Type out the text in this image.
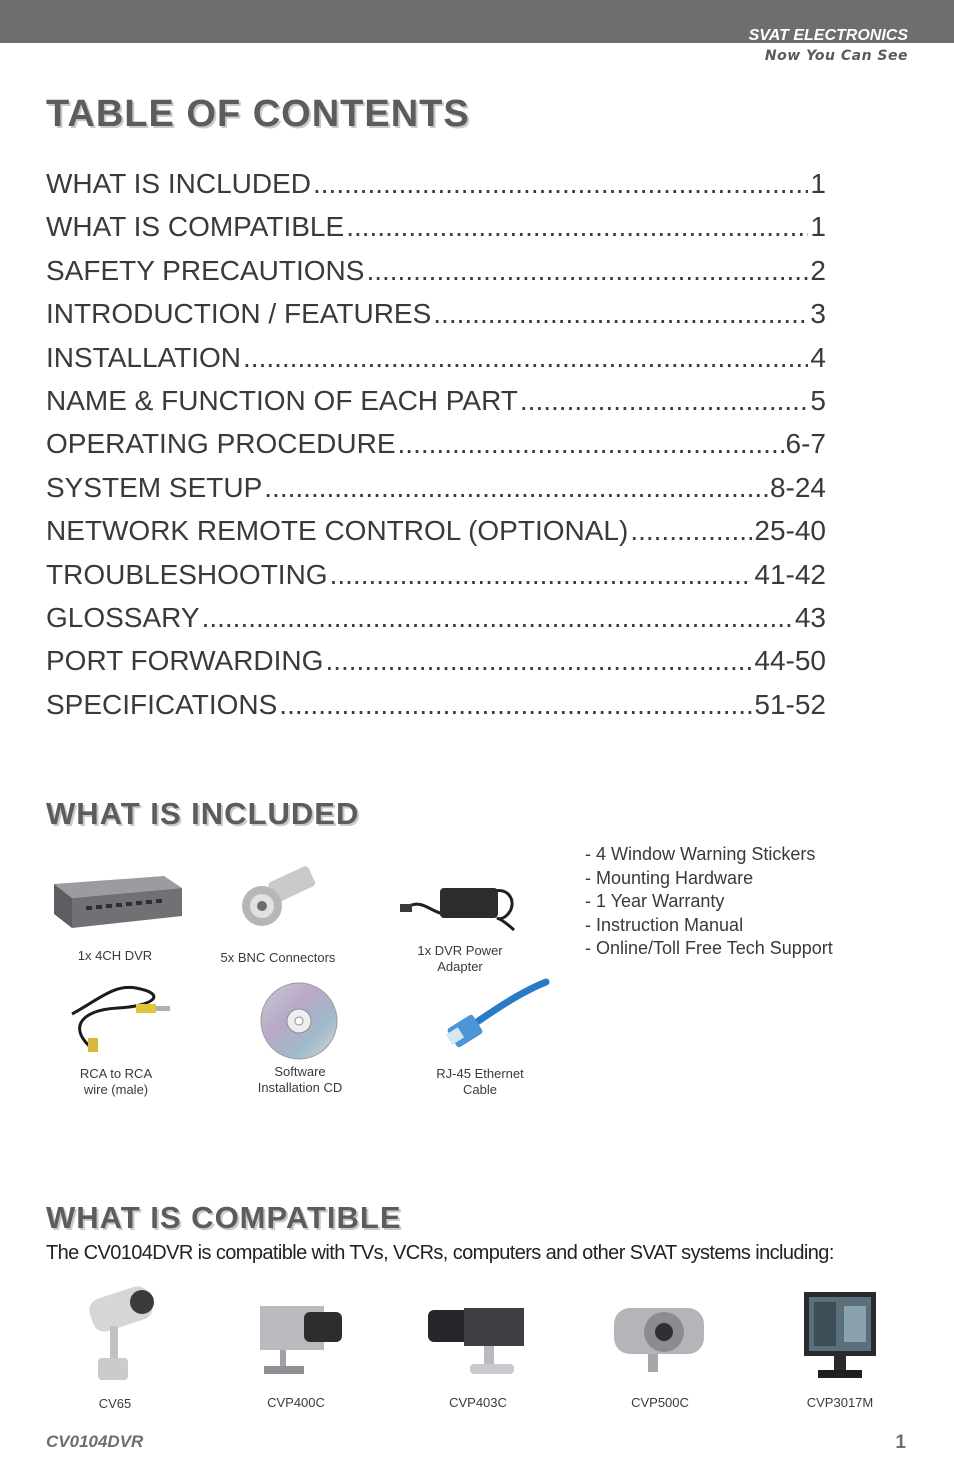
SVAT ELECTRONICS
Now You Can See
TABLE OF CONTENTS
WHAT IS INCLUDED .....	1
WHAT IS COMPATIBLE .....	1
SAFETY PRECAUTIONS .....	2
INTRODUCTION / FEATURES .....	3
INSTALLATION .....	4
NAME & FUNCTION OF EACH PART .....	5
OPERATING PROCEDURE .....	6-7
SYSTEM SETUP .....	8-24
NETWORK REMOTE CONTROL (OPTIONAL) .....	25-40
TROUBLESHOOTING .....	41-42
GLOSSARY .....	43
PORT FORWARDING .....	44-50
SPECIFICATIONS .....	51-52
WHAT IS INCLUDED
1x 4CH DVR	5x BNC Connectors	1x DVR Power
Adapter
RCA to RCA
wire (male)
Software
Installation CD
RJ-45 Ethernet
Cable
- 4 Window Warning Stickers
- Mounting Hardware
- 1 Year Warranty
- Instruction Manual
- Online/Toll Free Tech Support
WHAT IS COMPATIBLE
The CV0104DVR is compatible with TVs, VCRs, computers and other SVAT systems including:
CV65	CVP400C	CVP403C	CVP500C	CVP3017M
CV0104DVR	1
